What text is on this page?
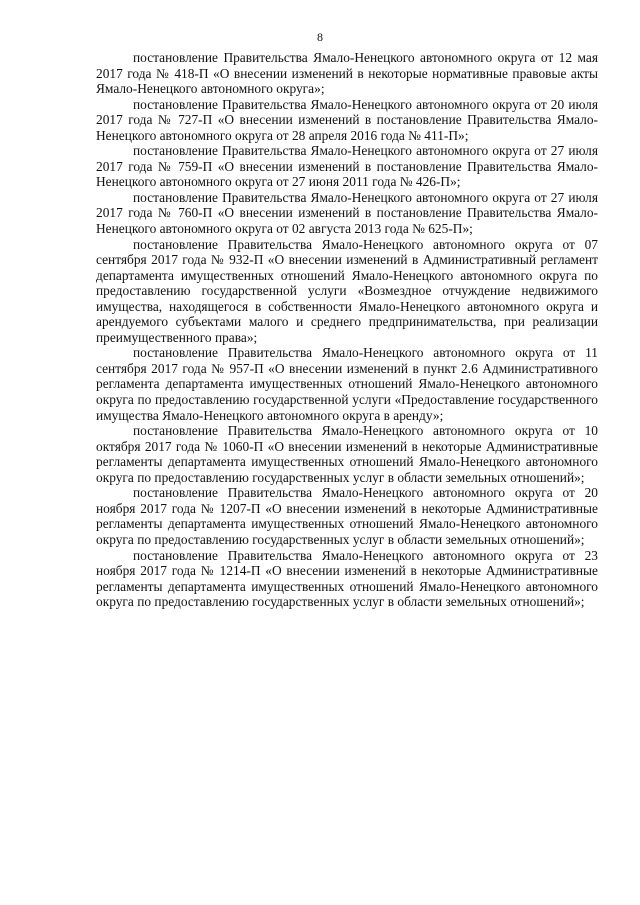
8

постановление Правительства Ямало-Ненецкого автономного округа от 12 мая 2017 года № 418-П «О внесении изменений в некоторые нормативные правовые акты Ямало-Ненецкого автономного округа»;

постановление Правительства Ямало-Ненецкого автономного округа от 20 июля 2017 года № 727-П «О внесении изменений в постановление Правительства Ямало-Ненецкого автономного округа от 28 апреля 2016 года № 411-П»;

постановление Правительства Ямало-Ненецкого автономного округа от 27 июля 2017 года № 759-П «О внесении изменений в постановление Правительства Ямало-Ненецкого автономного округа от 27 июня 2011 года № 426-П»;

постановление Правительства Ямало-Ненецкого автономного округа от 27 июля 2017 года № 760-П «О внесении изменений в постановление Правительства Ямало-Ненецкого автономного округа от 02 августа 2013 года № 625-П»;

постановление Правительства Ямало-Ненецкого автономного округа от 07 сентября 2017 года № 932-П «О внесении изменений в Административный регламент департамента имущественных отношений Ямало-Ненецкого автономного округа по предоставлению государственной услуги «Возмездное отчуждение недвижимого имущества, находящегося в собственности Ямало-Ненецкого автономного округа и арендуемого субъектами малого и среднего предпринимательства, при реализации преимущественного права»;

постановление Правительства Ямало-Ненецкого автономного округа от 11 сентября 2017 года № 957-П «О внесении изменений в пункт 2.6 Административного регламента департамента имущественных отношений Ямало-Ненецкого автономного округа по предоставлению государственной услуги «Предоставление государственного имущества Ямало-Ненецкого автономного округа в аренду»;

постановление Правительства Ямало-Ненецкого автономного округа от 10 октября 2017 года № 1060-П «О внесении изменений в некоторые Административные регламенты департамента имущественных отношений Ямало-Ненецкого автономного округа по предоставлению государственных услуг в области земельных отношений»;

постановление Правительства Ямало-Ненецкого автономного округа от 20 ноября 2017 года № 1207-П «О внесении изменений в некоторые Административные регламенты департамента имущественных отношений Ямало-Ненецкого автономного округа по предоставлению государственных услуг в области земельных отношений»;

постановление Правительства Ямало-Ненецкого автономного округа от 23 ноября 2017 года № 1214-П «О внесении изменений в некоторые Административные регламенты департамента имущественных отношений Ямало-Ненецкого автономного округа по предоставлению государственных услуг в области земельных отношений»;
